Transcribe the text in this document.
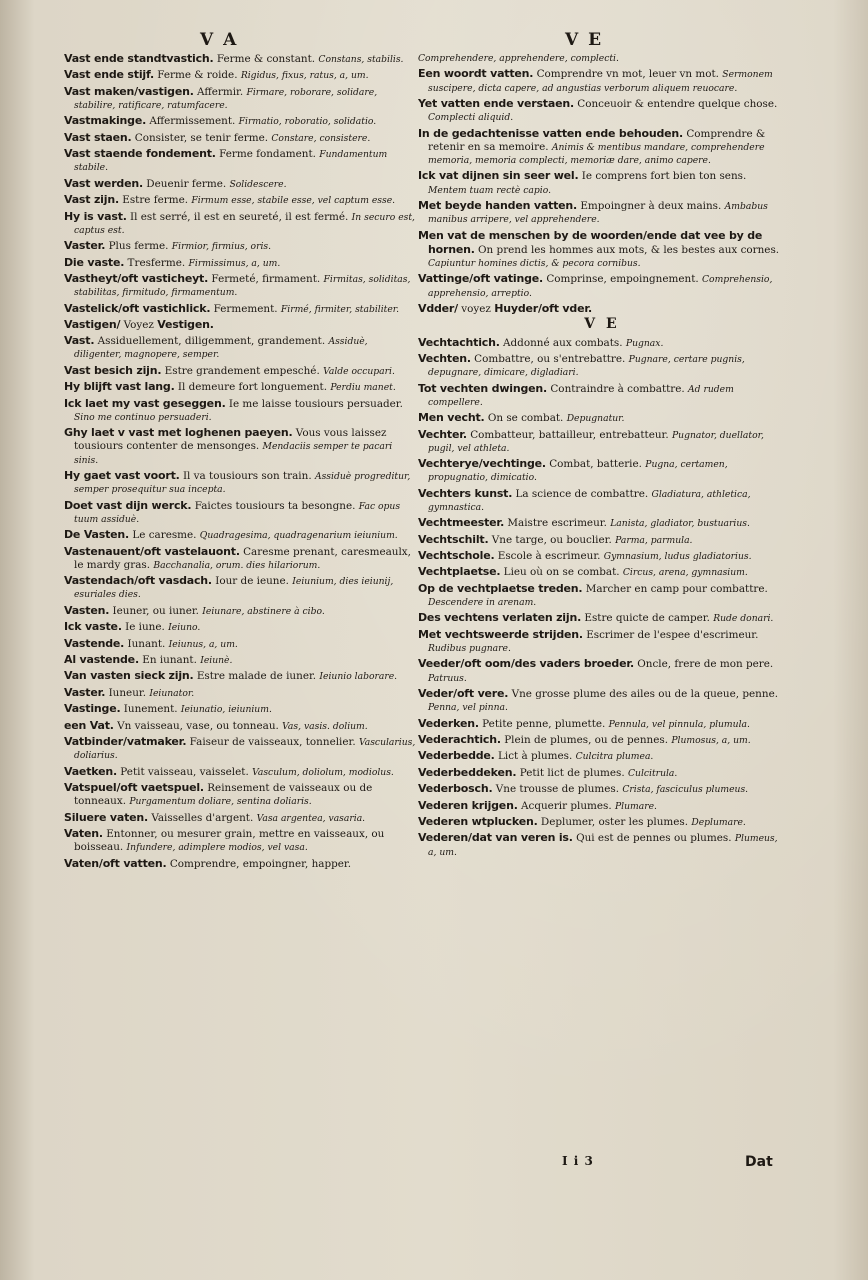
V A	V E
Vast ende standtvastich. Ferme & constant. Constans, stabilis.
Vast ende stijf. Ferme & roide. Rigidus, fixus, ratus, a, um.
Vast maken/vastigen. Affermir. Firmare, roborare, solidare, stabilire, ratificare, ratumfacere.
Vastmakinge. Affermissement. Firmatio, roboratio, solidatio.
Vast staen. Consister, se tenir ferme. Constare, consistere.
Vast staende fondement. Ferme fondament. Fundamentum stabile.
Vast werden. Deuenir ferme. Solidescere.
Vast zijn. Estre ferme. Firmum esse, stabile esse, vel captum esse.
Hy is vast. Il est serré, il est en seureté, il est fermé. In securo est, captus est.
Vaster. Plus ferme. Firmior, firmius, oris.
Die vaste. Tresferme. Firmissimus, a, um.
Vastheyt/oft vasticheyt. Fermeté, firmament. Firmitas, soliditas, stabilitas, firmitudo, firmamentum.
Vastelick/oft vastichlick. Fermement. Firmé, firmiter, stabiliter.
Vastigen/ Voyez Vestigen.
Vast. Assiduellement, diligemment, grandement. Assiduè, diligenter, magnopere, semper.
Vast besich zijn. Estre grandement empesché. Valde occupari.
Hy blijft vast lang. Il demeure fort longuement. Perdiu manet.
Ick laet my vast geseggen. Ie me laisse tousiours persuader. Sino me continuo persuaderi.
Ghy laet v vast met loghenen paeyen. Vous vous laissez tousiours contenter de mensonges. Mendaciis semper te pacari sinis.
Hy gaet vast voort. Il va tousiours son train. Assiduè progreditur, semper prosequitur sua incepta.
Doet vast dijn werck. Faictes tousiours ta besongne. Fac opus tuum assiduè.
De Vasten. Le caresme. Quadragesima, quadragenarium ieiunium.
Vastenauent/oft vastelauont. Caresme prenant, caresmeaulx, le mardy gras. Bacchanalia, orum. dies hilariorum.
Vastendach/oft vasdach. Iour de ieune. Ieiunium, dies ieiunij, esuriales dies.
Vasten. Ieuner, ou iuner. Ieiunare, abstinere à cibo.
Ick vaste. Ie iune. Ieiuno.
Vastende. Iunant. Ieiunus, a, um.
Al vastende. En iunant. Ieiunè.
Van vasten sieck zijn. Estre malade de iuner. Ieiunio laborare.
Vaster. Iuneur. Ieiunator.
Vastinge. Iunement. Ieiunatio, ieiunium.
een Vat. Vn vaisseau, vase, ou tonneau. Vas, vasis. dolium.
Vatbinder/vatmaker. Faiseur de vaisseaux, tonnelier. Vascularius, doliarius.
Vaetken. Petit vaisseau, vaisselet. Vasculum, doliolum, modiolus.
Vatspuel/oft vaetspuel. Reinsement de vaisseaux ou de tonneaux. Purgamentum doliare, sentina doliaris.
Siluere vaten. Vaisselles d'argent. Vasa argentea, vasaria.
Vaten. Entonner, ou mesurer grain, mettre en vaisseaux, ou boisseau. Infundere, adimplere modios, vel vasa.
Vaten/oft vatten. Comprendre, empoingner, happer.
Comprehendere, apprehendere, complecti.
Een woordt vatten. Comprendre vn mot, leuer vn mot. Sermonem suscipere, dicta capere, ad angustias verborum aliquem reuocare.
Yet vatten ende verstaen. Conceuoir & entendre quelque chose. Complecti aliquid.
In de gedachtenisse vatten ende behouden. Comprendre & retenir en sa memoire. Animis & mentibus mandare, comprehendere memoria, memoria complecti, memoriæ dare, animo capere.
Ick vat dijnen sin seer wel. Ie comprens fort bien ton sens. Mentem tuam rectè capio.
Met beyde handen vatten. Empoingner à deux mains. Ambabus manibus arripere, vel apprehendere.
Men vat de menschen by de woorden/ende dat vee by de hornen. On prend les hommes aux mots, & les bestes aux cornes. Capiuntur homines dictis, & pecora cornibus.
Vattinge/oft vatinge. Comprinse, empoingnement. Comprehensio, apprehensio, arreptio.
Vdder/ voyez Huyder/oft vder.
V E
Vechtachtich. Addonné aux combats. Pugnax.
Vechten. Combattre, ou s'entrebattre. Pugnare, certare pugnis, depugnare, dimicare, digladiari.
Tot vechten dwingen. Contraindre à combattre. Ad rudem compellere.
Men vecht. On se combat. Depugnatur.
Vechter. Combatteur, battailleur, entrebatteur. Pugnator, duellator, pugil, vel athleta.
Vechterye/vechtinge. Combat, batterie. Pugna, certamen, propugnatio, dimicatio.
Vechters kunst. La science de combattre. Gladiatura, athletica, gymnastica.
Vechtmeester. Maistre escrimeur. Lanista, gladiator, bustuarius.
Vechtschilt. Vne targe, ou bouclier. Parma, parmula.
Vechtschole. Escole à escrimeur. Gymnasium, ludus gladiatorius.
Vechtplaetse. Lieu où on se combat. Circus, arena, gymnasium.
Op de vechtplaetse treden. Marcher en camp pour combattre. Descendere in arenam.
Des vechtens verlaten zijn. Estre quicte de camper. Rude donari.
Met vechtsweerde strijden. Escrimer de l'espee d'escrimeur. Rudibus pugnare.
Veeder/oft oom/des vaders broeder. Oncle, frere de mon pere. Patruus.
Veder/oft vere. Vne grosse plume des ailes ou de la queue, penne. Penna, vel pinna.
Vederken. Petite penne, plumette. Pennula, vel pinnula, plumula.
Vederachtich. Plein de plumes, ou de pennes. Plumosus, a, um.
Vederbedde. Lict à plumes. Culcitra plumea.
Vederbeddeken. Petit lict de plumes. Culcitrula.
Vederbosch. Vne trousse de plumes. Crista, fasciculus plumeus.
Vederen krijgen. Acquerir plumes. Plumare.
Vederen wtplucken. Deplumer, oster les plumes. Deplumare.
Vederen/dat van veren is. Qui est de pennes ou plumes. Plumeus, a, um.
I i 3	Dat
